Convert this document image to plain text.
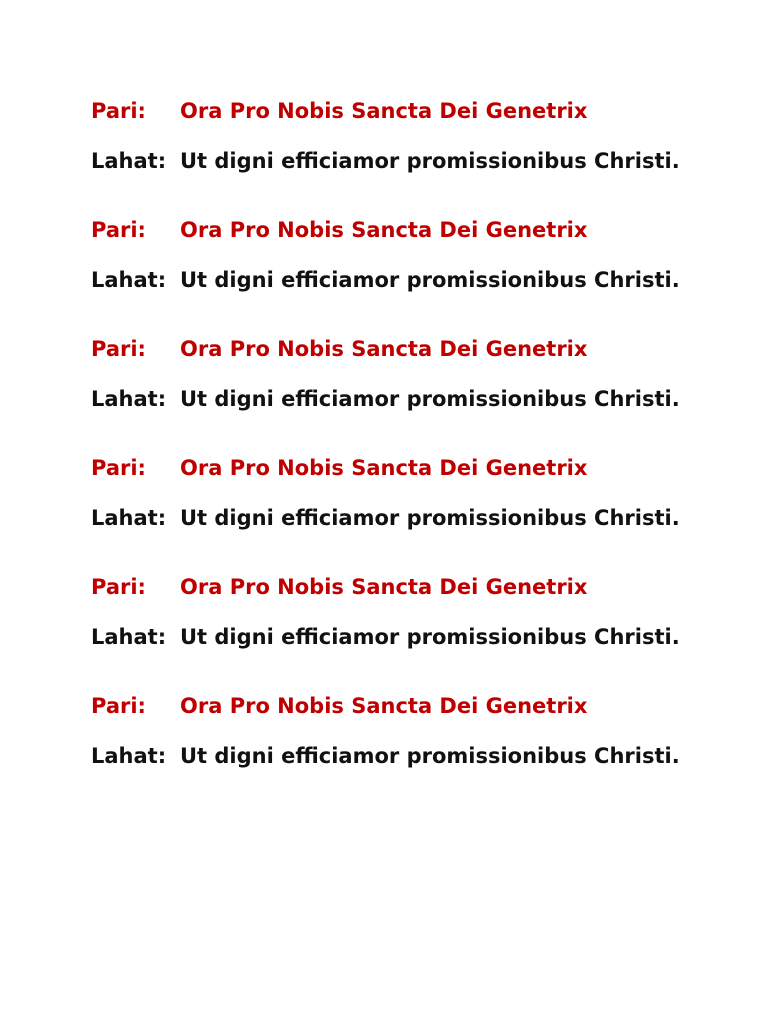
Pari:	Ora Pro Nobis Sancta Dei Genetrix
Lahat: Ut digni efficiamor promissionibus Christi.
Pari:	Ora Pro Nobis Sancta Dei Genetrix
Lahat: Ut digni efficiamor promissionibus Christi.
Pari:	Ora Pro Nobis Sancta Dei Genetrix
Lahat: Ut digni efficiamor promissionibus Christi.
Pari:	Ora Pro Nobis Sancta Dei Genetrix
Lahat: Ut digni efficiamor promissionibus Christi.
Pari:	Ora Pro Nobis Sancta Dei Genetrix
Lahat: Ut digni efficiamor promissionibus Christi.
Pari:	Ora Pro Nobis Sancta Dei Genetrix
Lahat: Ut digni efficiamor promissionibus Christi.
